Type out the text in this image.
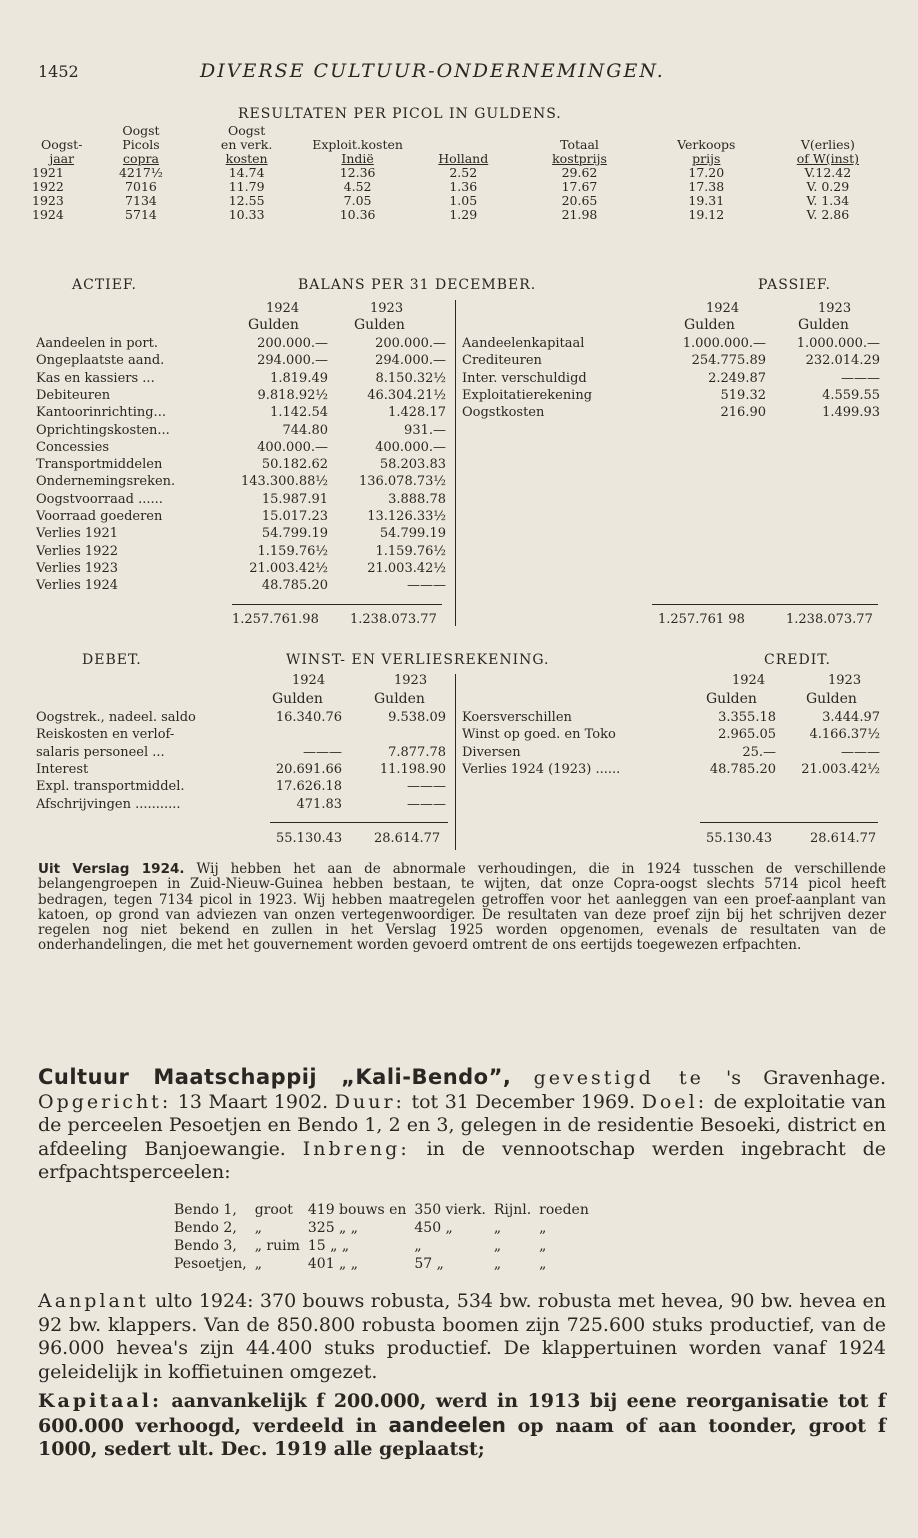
1452	DIVERSE CULTUUR-ONDERNEMINGEN.
RESULTATEN PER PICOL IN GULDENS.
	Oogst	Oogst					
Oogst-	Picols	en verk.	Exploit.kosten		Totaal	Verkoops	V(erlies)
jaar	copra	kosten	Indië	Holland	kostprijs	prijs	of W(inst)
1921	4217½	14.74	12.36	2.52	29.62	17.20	V.12.42
1922	7016	11.79	4.52	1.36	17.67	17.38	V. 0.29
1923	7134	12.55	7.05	1.05	20.65	19.31	V. 1.34
1924	5714	10.33	10.36	1.29	21.98	19.12	V. 2.86
ACTIEF.	BALANS PER 31 DECEMBER.	PASSIEF.
1924	1923
Gulden	Gulden
1924	1923
Gulden	Gulden
Aandeelen in port.	200.000.—	200.000.—
Ongeplaatste aand.	294.000.—	294.000.—
Kas en kassiers ...	1.819.49	8.150.32½
Debiteuren	9.818.92½	46.304.21½
Kantoorinrichting...	1.142.54	1.428.17
Oprichtingskosten...	744.80	931.—
Concessies	400.000.—	400.000.—
Transportmiddelen	50.182.62	58.203.83
Ondernemingsreken.	143.300.88½	136.078.73½
Oogstvoorraad ......	15.987.91	3.888.78
Voorraad goederen	15.017.23	13.126.33½
Verlies 1921	54.799.19	54.799.19
Verlies 1922	1.159.76½	1.159.76½
Verlies 1923	21.003.42½	21.003.42½
Verlies 1924	48.785.20	———
Aandeelenkapitaal	1.000.000.—	1.000.000.—
Crediteuren	254.775.89	232.014.29
Inter. verschuldigd	2.249.87	———
Exploitatierekening	519.32	4.559.55
Oogstkosten	216.90	1.499.93
1.257.761.98 1.238.073.77	1.257.761 98	1.238.073.77
DEBET.	WINST- EN VERLIESREKENING.	CREDIT.
1924	1923
Gulden	Gulden
1924	1923
Gulden	Gulden
Oogstrek., nadeel. saldo	16.340.76	9.538.09
Reiskosten en verlof-
salaris personeel ...	———	7.877.78
Interest	20.691.66	11.198.90
Expl. transportmiddel.	17.626.18	———
Afschrijvingen ...........	471.83	———
Koersverschillen	3.355.18	3.444.97
Winst op goed. en Toko	2.965.05	4.166.37½
Diversen	25.—	———
Verlies 1924 (1923) ......	48.785.20	21.003.42½
55.130.43 28.614.77	55.130.43	28.614.77
Uit Verslag 1924. Wij hebben het aan de abnormale verhoudingen, die in 1924 tusschen de verschillende belangengroepen in Zuid-Nieuw-Guinea hebben bestaan, te wijten, dat onze Copra-oogst slechts 5714 picol heeft bedragen, tegen 7134 picol in 1923. Wij hebben maatregelen getroffen voor het aanleggen van een proef-aanplant van katoen, op grond van adviezen van onzen vertegenwoordiger. De resultaten van deze proef zijn bij het schrijven dezer regelen nog niet bekend en zullen in het Verslag 1925 worden opgenomen, evenals de resultaten van de onderhandelingen, die met het gouvernement worden gevoerd omtrent de ons eertijds toegewezen erfpachten.
Cultuur Maatschappij „Kali-Bendo”, gevestigd te 's Gravenhage. Opgericht: 13 Maart 1902. Duur: tot 31 December 1969. Doel: de exploitatie van de perceelen Pesoetjen en Bendo 1, 2 en 3, gelegen in de residentie Besoeki, district en afdeeling Banjoewangie. Inbreng: in de vennootschap werden ingebracht de erfpachtsperceelen:
Bendo 1,	groot	419 bouws en	350 vierk.	Rijnl.	roeden
Bendo 2,	„	325 „ „	450 „	„	„
Bendo 3,	„ ruim	15 „ „	„	„	„
Pesoetjen,	„	401 „ „	57 „	„	„
Aanplant ulto 1924: 370 bouws robusta, 534 bw. robusta met hevea, 90 bw. hevea en 92 bw. klappers. Van de 850.800 robusta boomen zijn 725.600 stuks productief, van de 96.000 hevea's zijn 44.400 stuks productief. De klappertuinen worden vanaf 1924 geleidelijk in koffietuinen omgezet.
Kapitaal: aanvankelijk f 200.000, werd in 1913 bij eene reorganisatie tot f 600.000 verhoogd, verdeeld in aandeelen op naam of aan toonder, groot f 1000, sedert ult. Dec. 1919 alle geplaatst;
